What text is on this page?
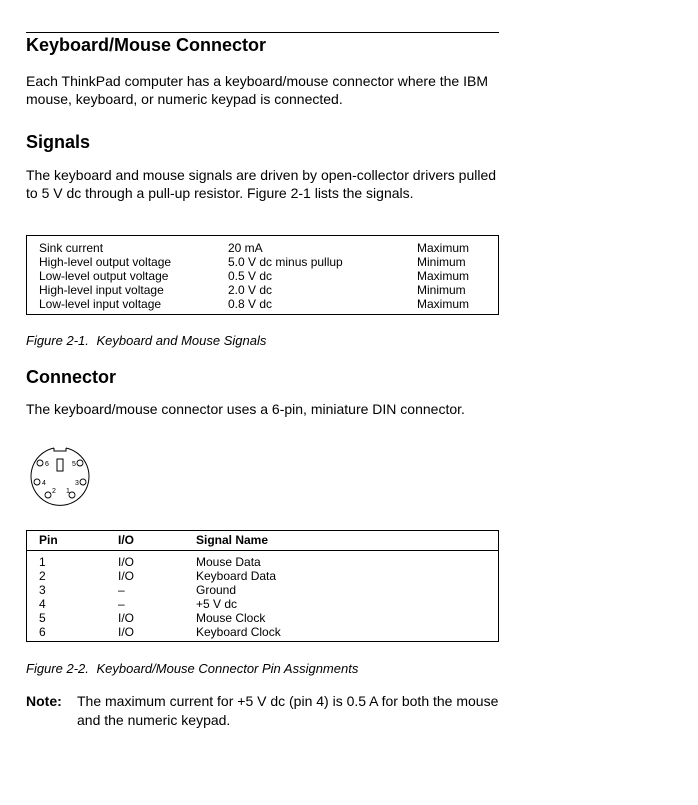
Keyboard/Mouse Connector

Each ThinkPad computer has a keyboard/mouse connector where the IBM mouse, keyboard, or numeric keypad is connected.

Signals

The keyboard and mouse signals are driven by open-collector drivers pulled to 5 V dc through a pull-up resistor. Figure 2-1 lists the signals.

Sink current	20 mA	Maximum
High-level output voltage	5.0 V dc minus pullup	Minimum
Low-level output voltage	0.5 V dc	Maximum
High-level input voltage	2.0 V dc	Minimum
Low-level input voltage	0.8 V dc	Maximum
Figure 2-1. Keyboard and Mouse Signals
Connector

The keyboard/mouse connector uses a 6-pin, miniature DIN connector.

6	5
4	3
2 1
Pin	I/O	Signal Name
1	I/O	Mouse Data
2	I/O	Keyboard Data
3	–	Ground
4	–	+5 V dc
5	I/O	Mouse Clock
6	I/O	Keyboard Clock
Figure 2-2. Keyboard/Mouse Connector Pin Assignments
Note: The maximum current for +5 V dc (pin 4) is 0.5 A for both the mouse and the numeric keypad.
